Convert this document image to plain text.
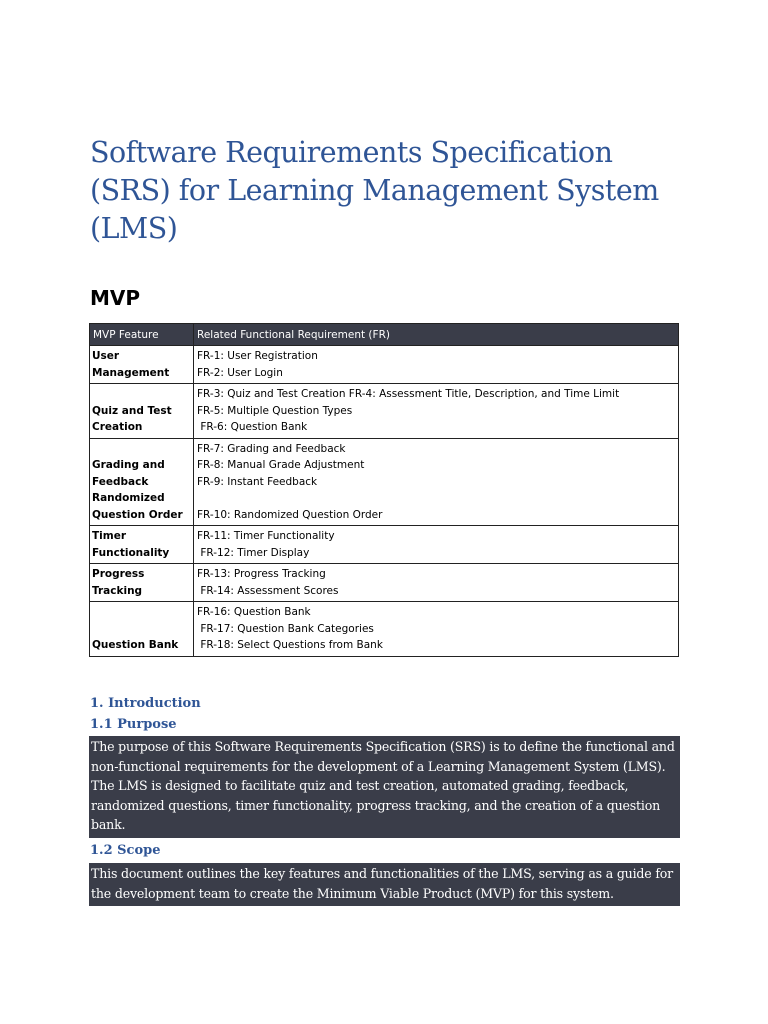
Software Requirements Specification (SRS) for Learning Management System (LMS)
MVP
MVP Feature	Related Functional Requirement (FR)

User Management	FR-1: User Registration
FR-2: User Login

Quiz and Test
Creation	FR-3: Quiz and Test Creation FR-4: Assessment Title, Description, and Time Limit
FR-5: Multiple Question Types
FR-6: Question Bank

Grading and
Feedback
Randomized
Question Order	FR-7: Grading and Feedback
FR-8: Manual Grade Adjustment
FR-9: Instant Feedback

FR-10: Randomized Question Order

Timer Functionality	FR-11: Timer Functionality
FR-12: Timer Display

Progress Tracking	FR-13: Progress Tracking
FR-14: Assessment Scores

Question Bank	FR-16: Question Bank
FR-17: Question Bank Categories
FR-18: Select Questions from Bank
1. Introduction
1.1 Purpose
The purpose of this Software Requirements Specification (SRS) is to define the functional and non-functional requirements for the development of a Learning Management System (LMS). The LMS is designed to facilitate quiz and test creation, automated grading, feedback, randomized questions, timer functionality, progress tracking, and the creation of a question bank.
1.2 Scope
This document outlines the key features and functionalities of the LMS, serving as a guide for the development team to create the Minimum Viable Product (MVP) for this system.
